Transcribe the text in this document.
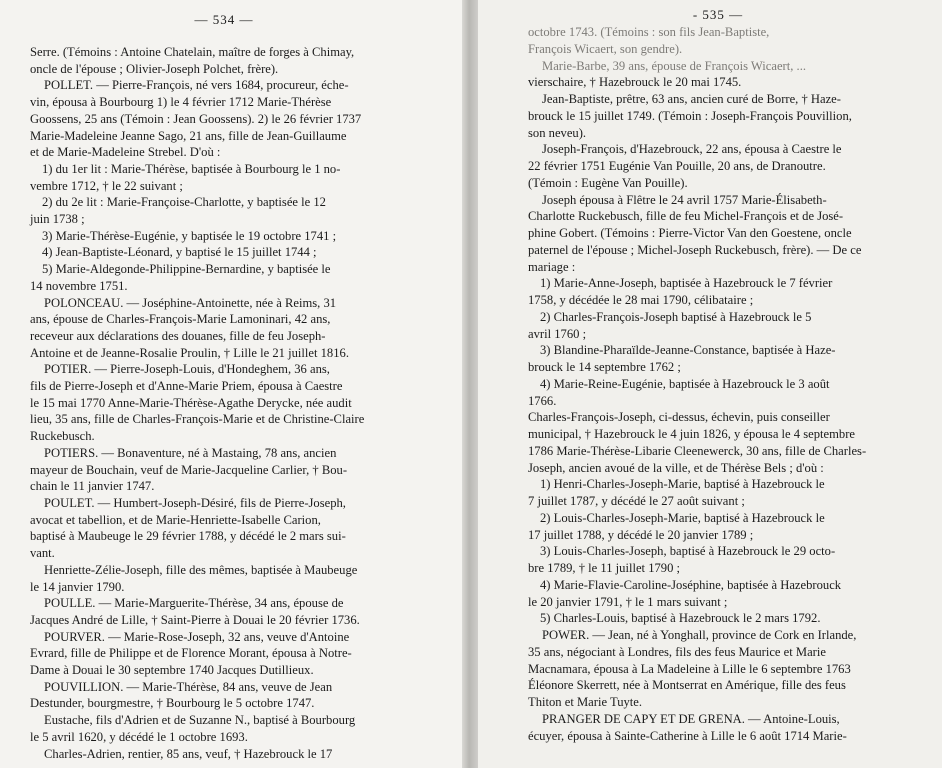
— 534 —
Serre. (Témoins : Antoine Chatelain, maître de forges à Chimay,
oncle de l'épouse ; Olivier-Joseph Polchet, frère).
POLLET. — Pierre-François, né vers 1684, procureur, éche-
vin, épousa à Bourbourg 1) le 4 février 1712 Marie-Thérèse
Goossens, 25 ans (Témoin : Jean Goossens). 2) le 26 février 1737
Marie-Madeleine Jeanne Sago, 21 ans, fille de Jean-Guillaume
et de Marie-Madeleine Strebel. D'où :
1) du 1er lit : Marie-Thérèse, baptisée à Bourbourg le 1 no-
vembre 1712, † le 22 suivant ;
2) du 2e lit : Marie-Françoise-Charlotte, y baptisée le 12
juin 1738 ;
3) Marie-Thérèse-Eugénie, y baptisée le 19 octobre 1741 ;
4) Jean-Baptiste-Léonard, y baptisé le 15 juillet 1744 ;
5) Marie-Aldegonde-Philippine-Bernardine, y baptisée le
14 novembre 1751.
POLONCEAU. — Joséphine-Antoinette, née à Reims, 31
ans, épouse de Charles-François-Marie Lamoninari, 42 ans,
receveur aux déclarations des douanes, fille de feu Joseph-
Antoine et de Jeanne-Rosalie Proulin, † Lille le 21 juillet 1816.
POTIER. — Pierre-Joseph-Louis, d'Hondeghem, 36 ans,
fils de Pierre-Joseph et d'Anne-Marie Priem, épousa à Caestre
le 15 mai 1770 Anne-Marie-Thérèse-Agathe Derycke, née audit
lieu, 35 ans, fille de Charles-François-Marie et de Christine-Claire
Ruckebusch.
POTIERS. — Bonaventure, né à Mastaing, 78 ans, ancien
mayeur de Bouchain, veuf de Marie-Jacqueline Carlier, † Bou-
chain le 11 janvier 1747.
POULET. — Humbert-Joseph-Désiré, fils de Pierre-Joseph,
avocat et tabellion, et de Marie-Henriette-Isabelle Carion,
baptisé à Maubeuge le 29 février 1788, y décédé le 2 mars sui-
vant.
Henriette-Zélie-Joseph, fille des mêmes, baptisée à Maubeuge
le 14 janvier 1790.
POULLE. — Marie-Marguerite-Thérèse, 34 ans, épouse de
Jacques André de Lille, † Saint-Pierre à Douai le 20 février 1736.
POURVER. — Marie-Rose-Joseph, 32 ans, veuve d'Antoine
Evrard, fille de Philippe et de Florence Morant, épousa à Notre-
Dame à Douai le 30 septembre 1740 Jacques Dutillieux.
POUVILLION. — Marie-Thérèse, 84 ans, veuve de Jean
Destunder, bourgmestre, † Bourbourg le 5 octobre 1747.
Eustache, fils d'Adrien et de Suzanne N., baptisé à Bourbourg
le 5 avril 1620, y décédé le 1 octobre 1693.
Charles-Adrien, rentier, 85 ans, veuf, † Hazebrouck le 17
- 535 —
octobre 1743. (Témoins : son fils Jean-Baptiste,
François Wicaert, son gendre).
Marie-Barbe, 39 ans, épouse de François Wicaert, ...
vierschaire, † Hazebrouck le 20 mai 1745.
Jean-Baptiste, prêtre, 63 ans, ancien curé de Borre, † Haze-
brouck le 15 juillet 1749. (Témoin : Joseph-François Pouvillion,
son neveu).
Joseph-François, d'Hazebrouck, 22 ans, épousa à Caestre le
22 février 1751 Eugénie Van Pouille, 20 ans, de Dranoutre.
(Témoin : Eugène Van Pouille).
Joseph épousa à Flêtre le 24 avril 1757 Marie-Élisabeth-
Charlotte Ruckebusch, fille de feu Michel-François et de José-
phine Gobert. (Témoins : Pierre-Victor Van den Goestene, oncle
paternel de l'épouse ; Michel-Joseph Ruckebusch, frère). — De ce
mariage :
1) Marie-Anne-Joseph, baptisée à Hazebrouck le 7 février
1758, y décédée le 28 mai 1790, célibataire ;
2) Charles-François-Joseph baptisé à Hazebrouck le 5
avril 1760 ;
3) Blandine-Pharaïlde-Jeanne-Constance, baptisée à Haze-
brouck le 14 septembre 1762 ;
4) Marie-Reine-Eugénie, baptisée à Hazebrouck le 3 août
1766.
Charles-François-Joseph, ci-dessus, échevin, puis conseiller
municipal, † Hazebrouck le 4 juin 1826, y épousa le 4 septembre
1786 Marie-Thérèse-Libarie Cleenewerck, 30 ans, fille de Charles-
Joseph, ancien avoué de la ville, et de Thérèse Bels ; d'où :
1) Henri-Charles-Joseph-Marie, baptisé à Hazebrouck le
7 juillet 1787, y décédé le 27 août suivant ;
2) Louis-Charles-Joseph-Marie, baptisé à Hazebrouck le
17 juillet 1788, y décédé le 20 janvier 1789 ;
3) Louis-Charles-Joseph, baptisé à Hazebrouck le 29 octo-
bre 1789, † le 11 juillet 1790 ;
4) Marie-Flavie-Caroline-Joséphine, baptisée à Hazebrouck
le 20 janvier 1791, † le 1 mars suivant ;
5) Charles-Louis, baptisé à Hazebrouck le 2 mars 1792.
POWER. — Jean, né à Yonghall, province de Cork en Irlande,
35 ans, négociant à Londres, fils des feus Maurice et Marie
Macnamara, épousa à La Madeleine à Lille le 6 septembre 1763
Éléonore Skerrett, née à Montserrat en Amérique, fille des feus
Thiton et Marie Tuyte.
PRANGER DE CAPY ET DE GRENA. — Antoine-Louis,
écuyer, épousa à Sainte-Catherine à Lille le 6 août 1714 Marie-
